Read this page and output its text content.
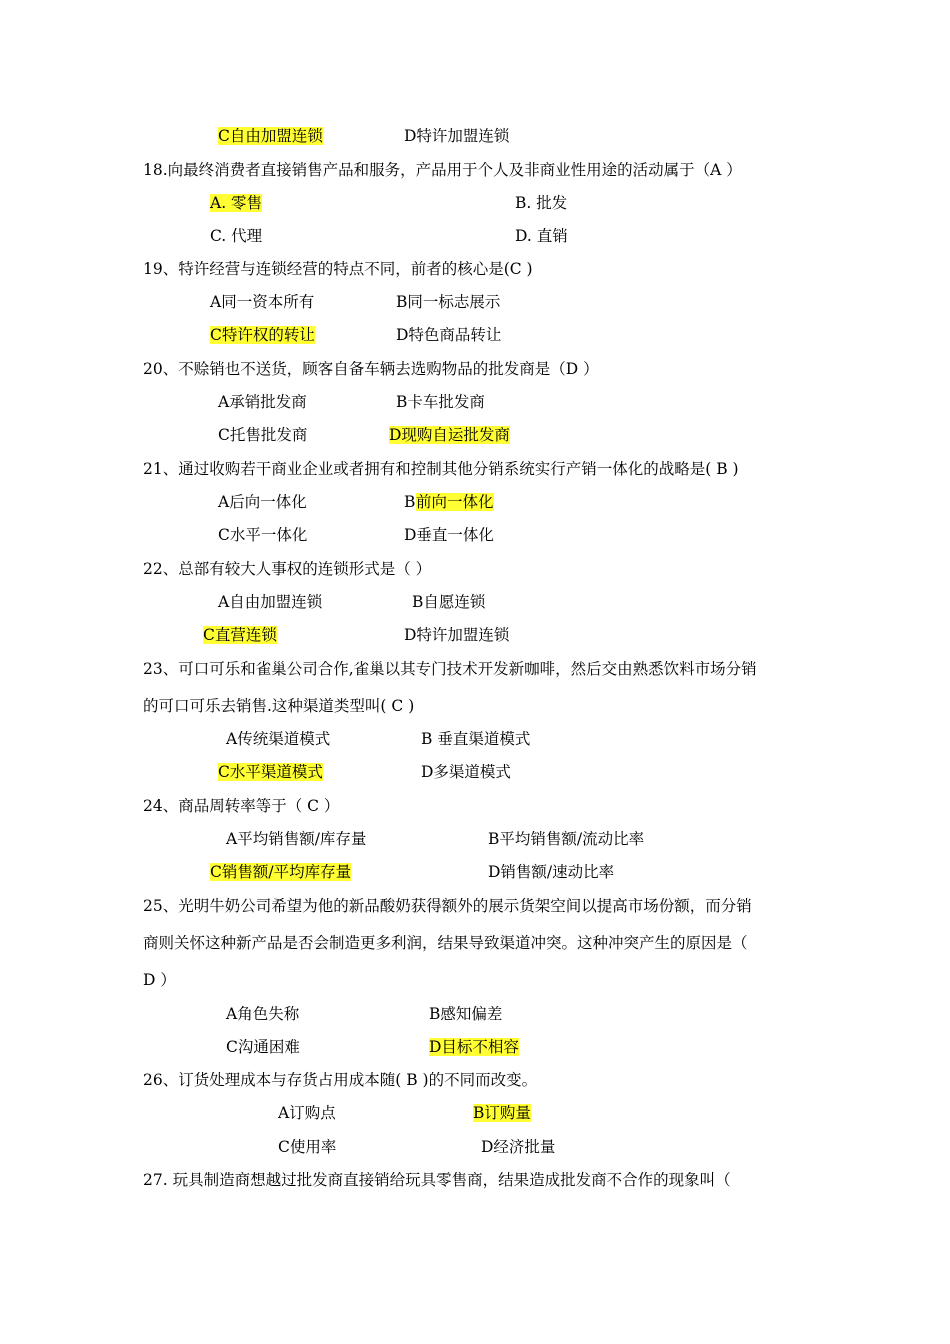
C自由加盟连锁	D特许加盟连锁
18.向最终消费者直接销售产品和服务，产品用于个人及非商业性用途的活动属于（A ）
A. 零售	B. 批发
C. 代理	D. 直销
19、特许经营与连锁经营的特点不同，前者的核心是(C )
A同一资本所有	B同一标志展示
C特许权的转让	D特色商品转让
20、不赊销也不送货，顾客自备车辆去选购物品的批发商是（D ）
A承销批发商	B卡车批发商
C托售批发商	D现购自运批发商
21、通过收购若干商业企业或者拥有和控制其他分销系统实行产销一体化的战略是( B )
A后向一体化	B 前向一体化
C水平一体化	D垂直一体化
22、总部有较大人事权的连锁形式是（ ）
A自由加盟连锁	B自愿连锁
C直营连锁	D特许加盟连锁
23、可口可乐和雀巢公司合作,雀巢以其专门技术开发新咖啡，然后交由熟悉饮料市场分销
的可口可乐去销售.这种渠道类型叫( C )
A传统渠道模式	B 垂直渠道模式
C水平渠道模式	D多渠道模式
24、商品周转率等于（ C ）
A平均销售额/库存量	B平均销售额/流动比率
C销售额/平均库存量	D销售额/速动比率
25、光明牛奶公司希望为他的新品酸奶获得额外的展示货架空间以提高市场份额，而分销
商则关怀这种新产品是否会制造更多利润，结果导致渠道冲突。这种冲突产生的原因是（
D ）
A角色失称	B感知偏差
C沟通困难	D目标不相容
26、订货处理成本与存货占用成本随( B )的不同而改变。
A订购点	B订购量
C使用率	D经济批量
27. 玩具制造商想越过批发商直接销给玩具零售商，结果造成批发商不合作的现象叫（
